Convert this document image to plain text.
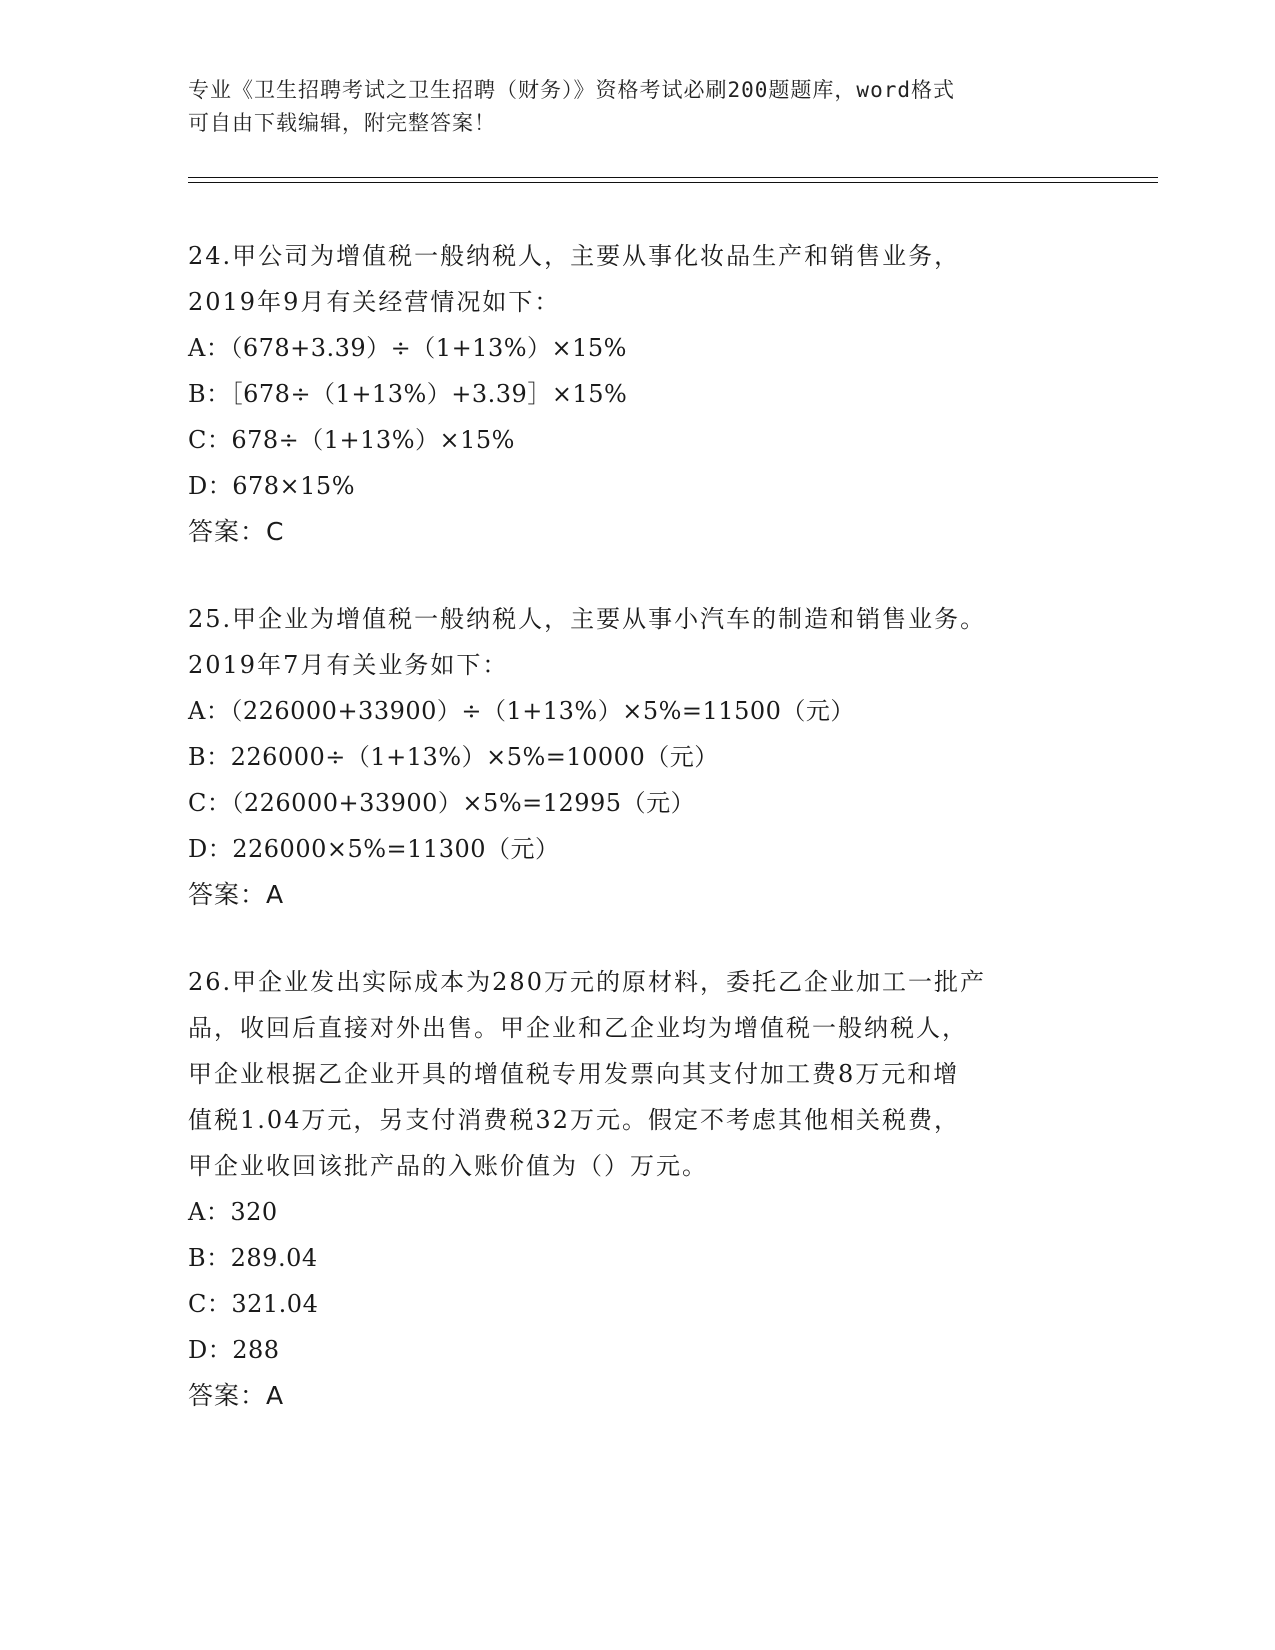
专业《卫生招聘考试之卫生招聘（财务）》资格考试必刷200题题库，word格式
可自由下载编辑，附完整答案！

24.甲公司为增值税一般纳税人，主要从事化妆品生产和销售业务，

2019年9月有关经营情况如下：

A：（678+3.39）÷（1+13%）×15%

B：［678÷（1+13%）+3.39］×15%

C：678÷（1+13%）×15%

D：678×15%

答案：C

25.甲企业为增值税一般纳税人，主要从事小汽车的制造和销售业务。

2019年7月有关业务如下：

A：（226000+33900）÷（1+13%）×5%=11500（元）

B：226000÷（1+13%）×5%=10000（元）

C：（226000+33900）×5%=12995（元）

D：226000×5%=11300（元）

答案：A

26.甲企业发出实际成本为280万元的原材料，委托乙企业加工一批产

品，收回后直接对外出售。甲企业和乙企业均为增值税一般纳税人，

甲企业根据乙企业开具的增值税专用发票向其支付加工费8万元和增

值税1.04万元，另支付消费税32万元。假定不考虑其他相关税费，

甲企业收回该批产品的入账价值为（）万元。

A：320

B：289.04

C：321.04

D：288

答案：A
